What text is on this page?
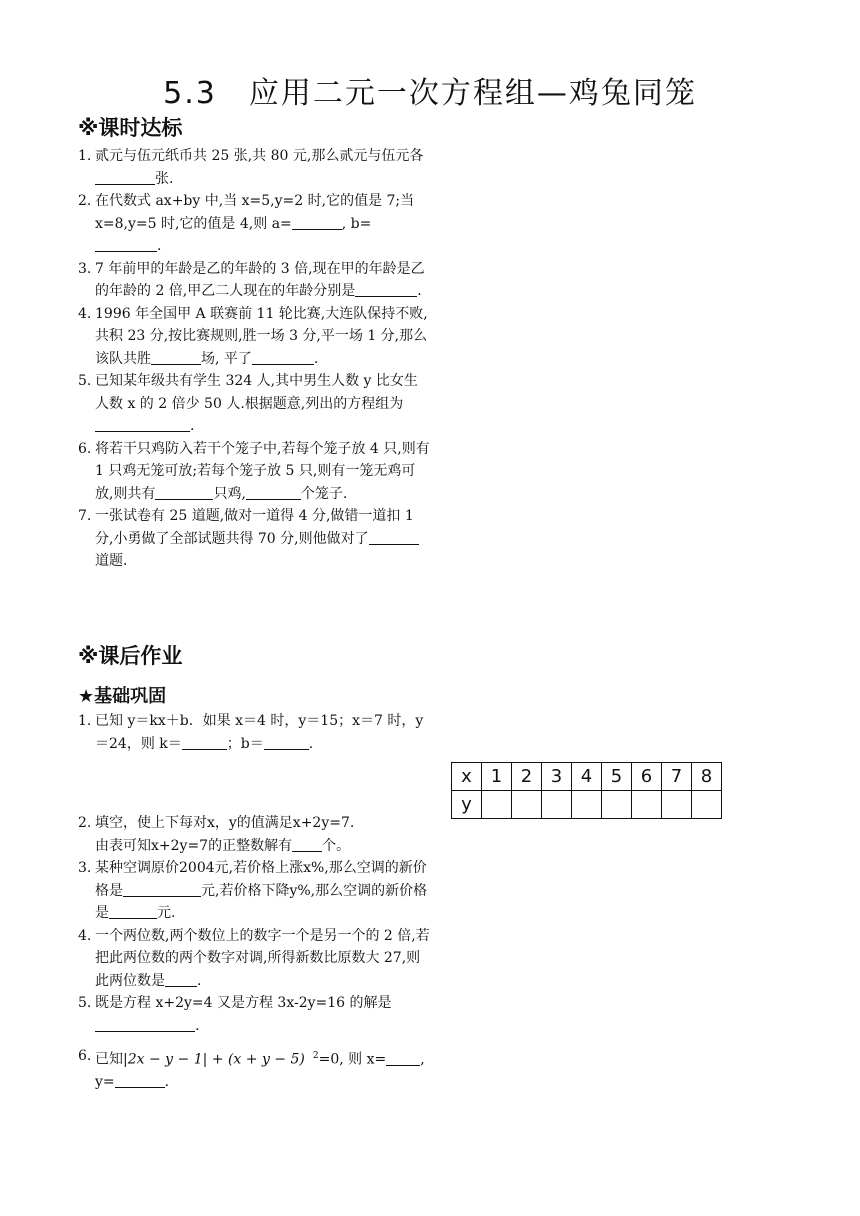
5.3　应用二元一次方程组—鸡兔同笼
※课时达标
1. 贰元与伍元纸币共 25 张,共 80 元,那么贰元与伍元各张.
2. 在代数式 ax+by 中,当 x=5,y=2 时,它的值是 7;当 x=8,y=5 时,它的值是 4,则 a=	, b=.
3. 7 年前甲的年龄是乙的年龄的 3 倍,现在甲的年龄是乙的年龄的 2 倍,甲乙二人现在的年龄分别是	.
4. 1996 年全国甲 A 联赛前 11 轮比赛,大连队保持不败,共积 23 分,按比赛规则,胜一场 3 分,平一场 1 分,那么该队共胜	场, 平了	.
5. 已知某年级共有学生 324 人,其中男生人数 y 比女生人数 x 的 2 倍少 50 人.根据题意,列出的方程组为.
6. 将若干只鸡防入若干个笼子中,若每个笼子放 4 只,则有 1 只鸡无笼可放;若每个笼子放 5 只,则有一笼无鸡可放,则共有	只鸡,	个笼子.
7. 一张试卷有 25 道题,做对一道得 4 分,做错一道扣 1 分,小勇做了全部试题共得 70 分,则他做对了道题.
※课后作业
★基础巩固
1. 已知 y＝kx＋b．如果 x＝4 时，y＝15；x＝7 时，y＝24，则 k＝	；b＝	.
x	1	2	3	4	5	6	7	8
y								
2. 填空，使上下每对x，y的值满足x+2y=7.
由表可知x+2y=7的正整数解有 个。
3. 某种空调原价2004元,若价格上涨x%,那么空调的新价格是	元,若价格下降y%,那么空调的新价格是	元.
4. 一个两位数,两个数位上的数字一个是另一个的 2 倍,若把此两位数的两个数字对调,所得新数比原数大 27,则此两位数是 .
5. 既是方程 x+2y=4 又是方程 3x-2y=16 的解是.
6. 已知|2x − y − 1| + (x + y − 5) $^2$=0, 则 x= ,
y=	.
